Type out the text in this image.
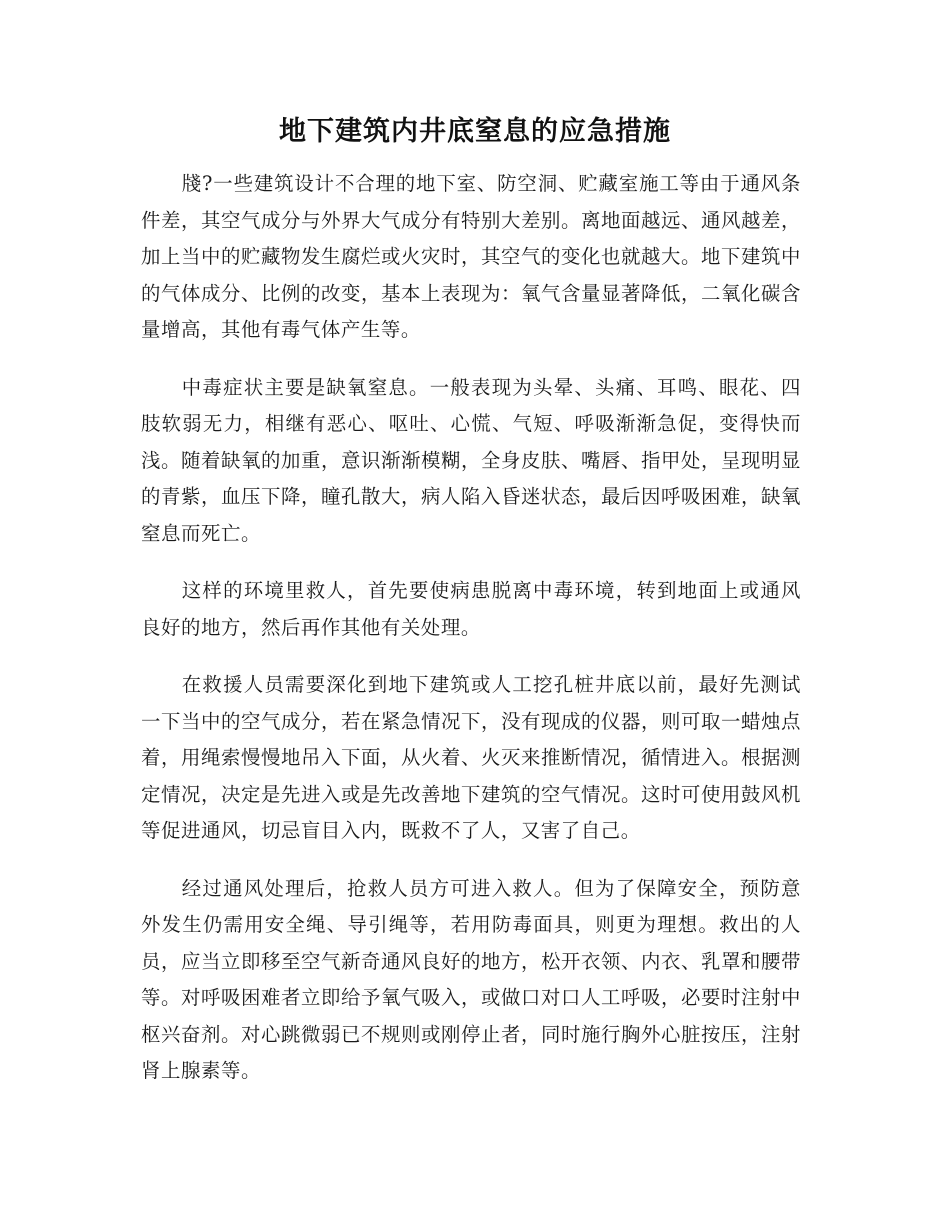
地下建筑内井底窒息的应急措施

牋?一些建筑设计不合理的地下室、防空洞、贮藏室施工等由于通风条件差，其空气成分与外界大气成分有特别大差别。离地面越远、通风越差，加上当中的贮藏物发生腐烂或火灾时，其空气的变化也就越大。地下建筑中的气体成分、比例的改变，基本上表现为：氧气含量显著降低，二氧化碳含量增高，其他有毒气体产生等。

中毒症状主要是缺氧窒息。一般表现为头晕、头痛、耳鸣、眼花、四肢软弱无力，相继有恶心、呕吐、心慌、气短、呼吸渐渐急促，变得快而浅。随着缺氧的加重，意识渐渐模糊，全身皮肤、嘴唇、指甲处，呈现明显的青紫，血压下降，瞳孔散大，病人陷入昏迷状态，最后因呼吸困难，缺氧窒息而死亡。

这样的环境里救人，首先要使病患脱离中毒环境，转到地面上或通风良好的地方，然后再作其他有关处理。

在救援人员需要深化到地下建筑或人工挖孔桩井底以前，最好先测试一下当中的空气成分，若在紧急情况下，没有现成的仪器，则可取一蜡烛点着，用绳索慢慢地吊入下面，从火着、火灭来推断情况，循情进入。根据测定情况，决定是先进入或是先改善地下建筑的空气情况。这时可使用鼓风机等促进通风，切忌盲目入内，既救不了人，又害了自己。

经过通风处理后，抢救人员方可进入救人。但为了保障安全，预防意外发生仍需用安全绳、导引绳等，若用防毒面具，则更为理想。救出的人员，应当立即移至空气新奇通风良好的地方，松开衣领、内衣、乳罩和腰带等。对呼吸困难者立即给予氧气吸入，或做口对口人工呼吸，必要时注射中枢兴奋剂。对心跳微弱已不规则或刚停止者，同时施行胸外心脏按压，注射肾上腺素等。
